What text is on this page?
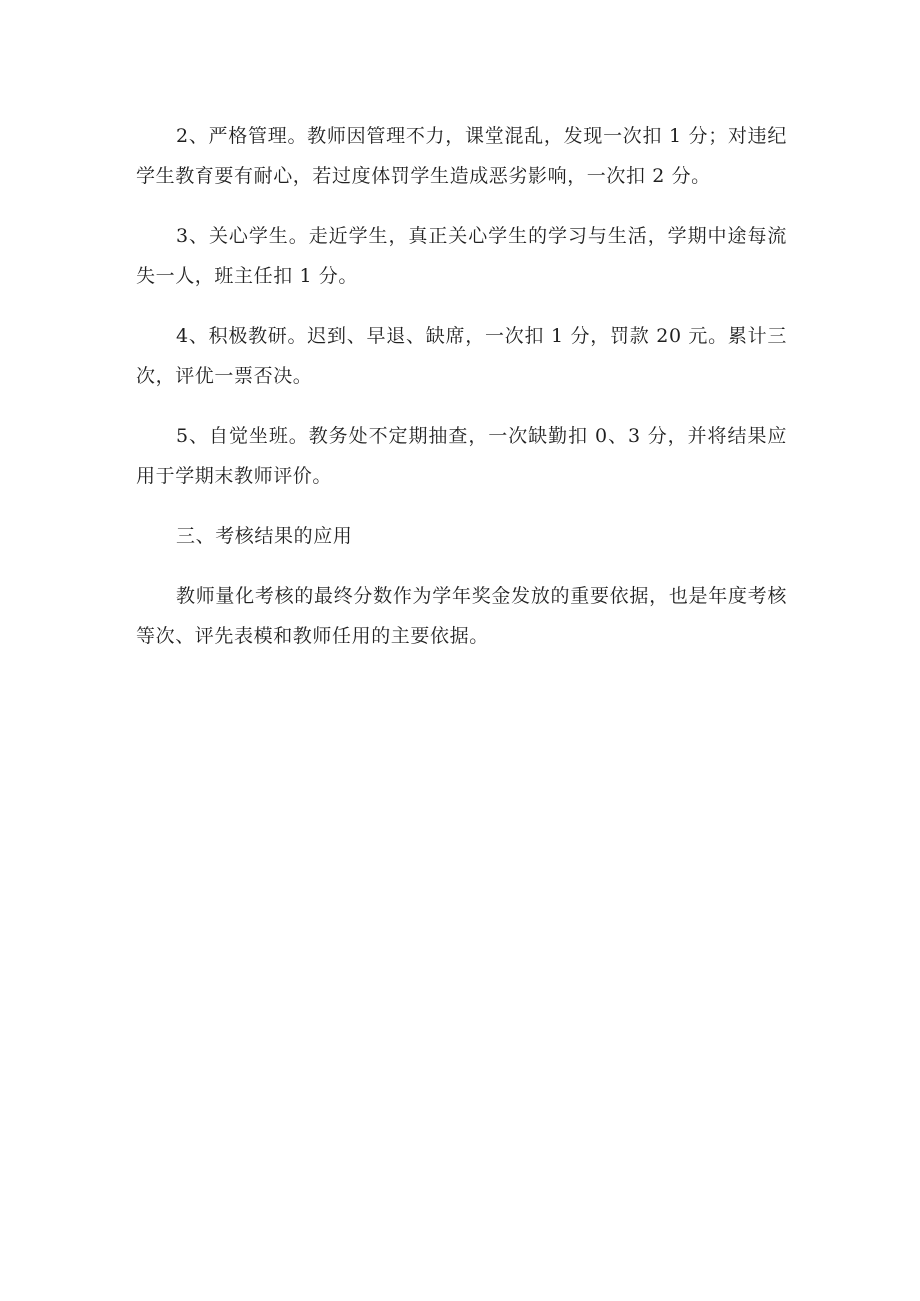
2、严格管理。教师因管理不力，课堂混乱，发现一次扣 1 分；对违纪学生教育要有耐心，若过度体罚学生造成恶劣影响，一次扣 2 分。

3、关心学生。走近学生，真正关心学生的学习与生活，学期中途每流失一人，班主任扣 1 分。

4、积极教研。迟到、早退、缺席，一次扣 1 分，罚款 20 元。累计三次，评优一票否决。

5、自觉坐班。教务处不定期抽查，一次缺勤扣 0、3 分，并将结果应用于学期末教师评价。

三、考核结果的应用

教师量化考核的最终分数作为学年奖金发放的重要依据，也是年度考核等次、评先表模和教师任用的主要依据。
